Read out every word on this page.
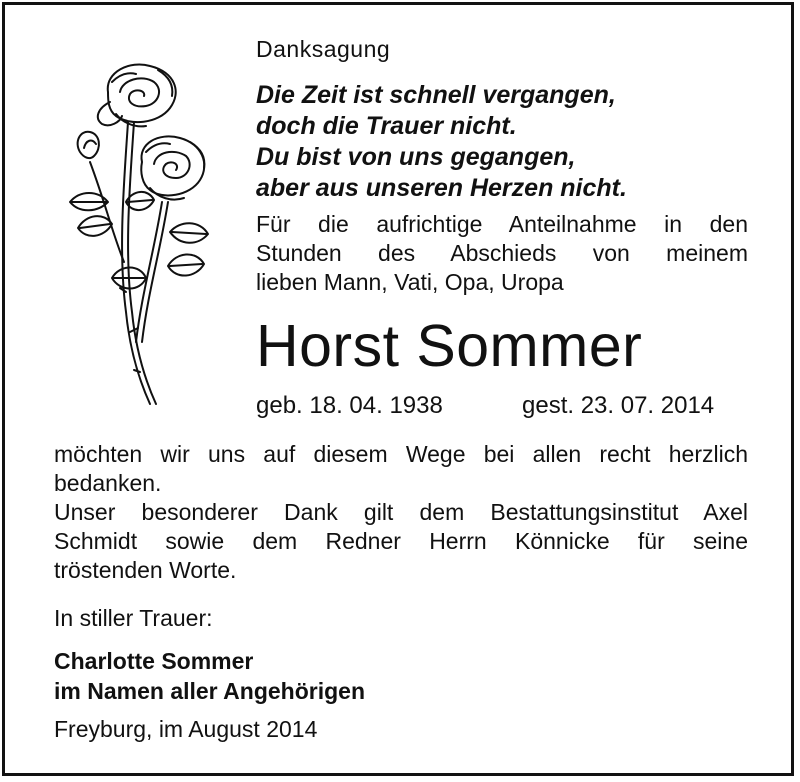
Danksagung
Die Zeit ist schnell vergangen,
doch die Trauer nicht.
Du bist von uns gegangen,
aber aus unseren Herzen nicht.
Für die aufrichtige Anteilnahme in den
Stunden des Abschieds von meinem
lieben Mann, Vati, Opa, Uropa
Horst Sommer
geb. 18. 04. 1938	gest. 23. 07. 2014
möchten wir uns auf diesem Wege bei allen recht herzlich
bedanken.
Unser besonderer Dank gilt dem Bestattungsinstitut Axel
Schmidt sowie dem Redner Herrn Könnicke für seine
tröstenden Worte.
In stiller Trauer:
Charlotte Sommer
im Namen aller Angehörigen
Freyburg, im August 2014
